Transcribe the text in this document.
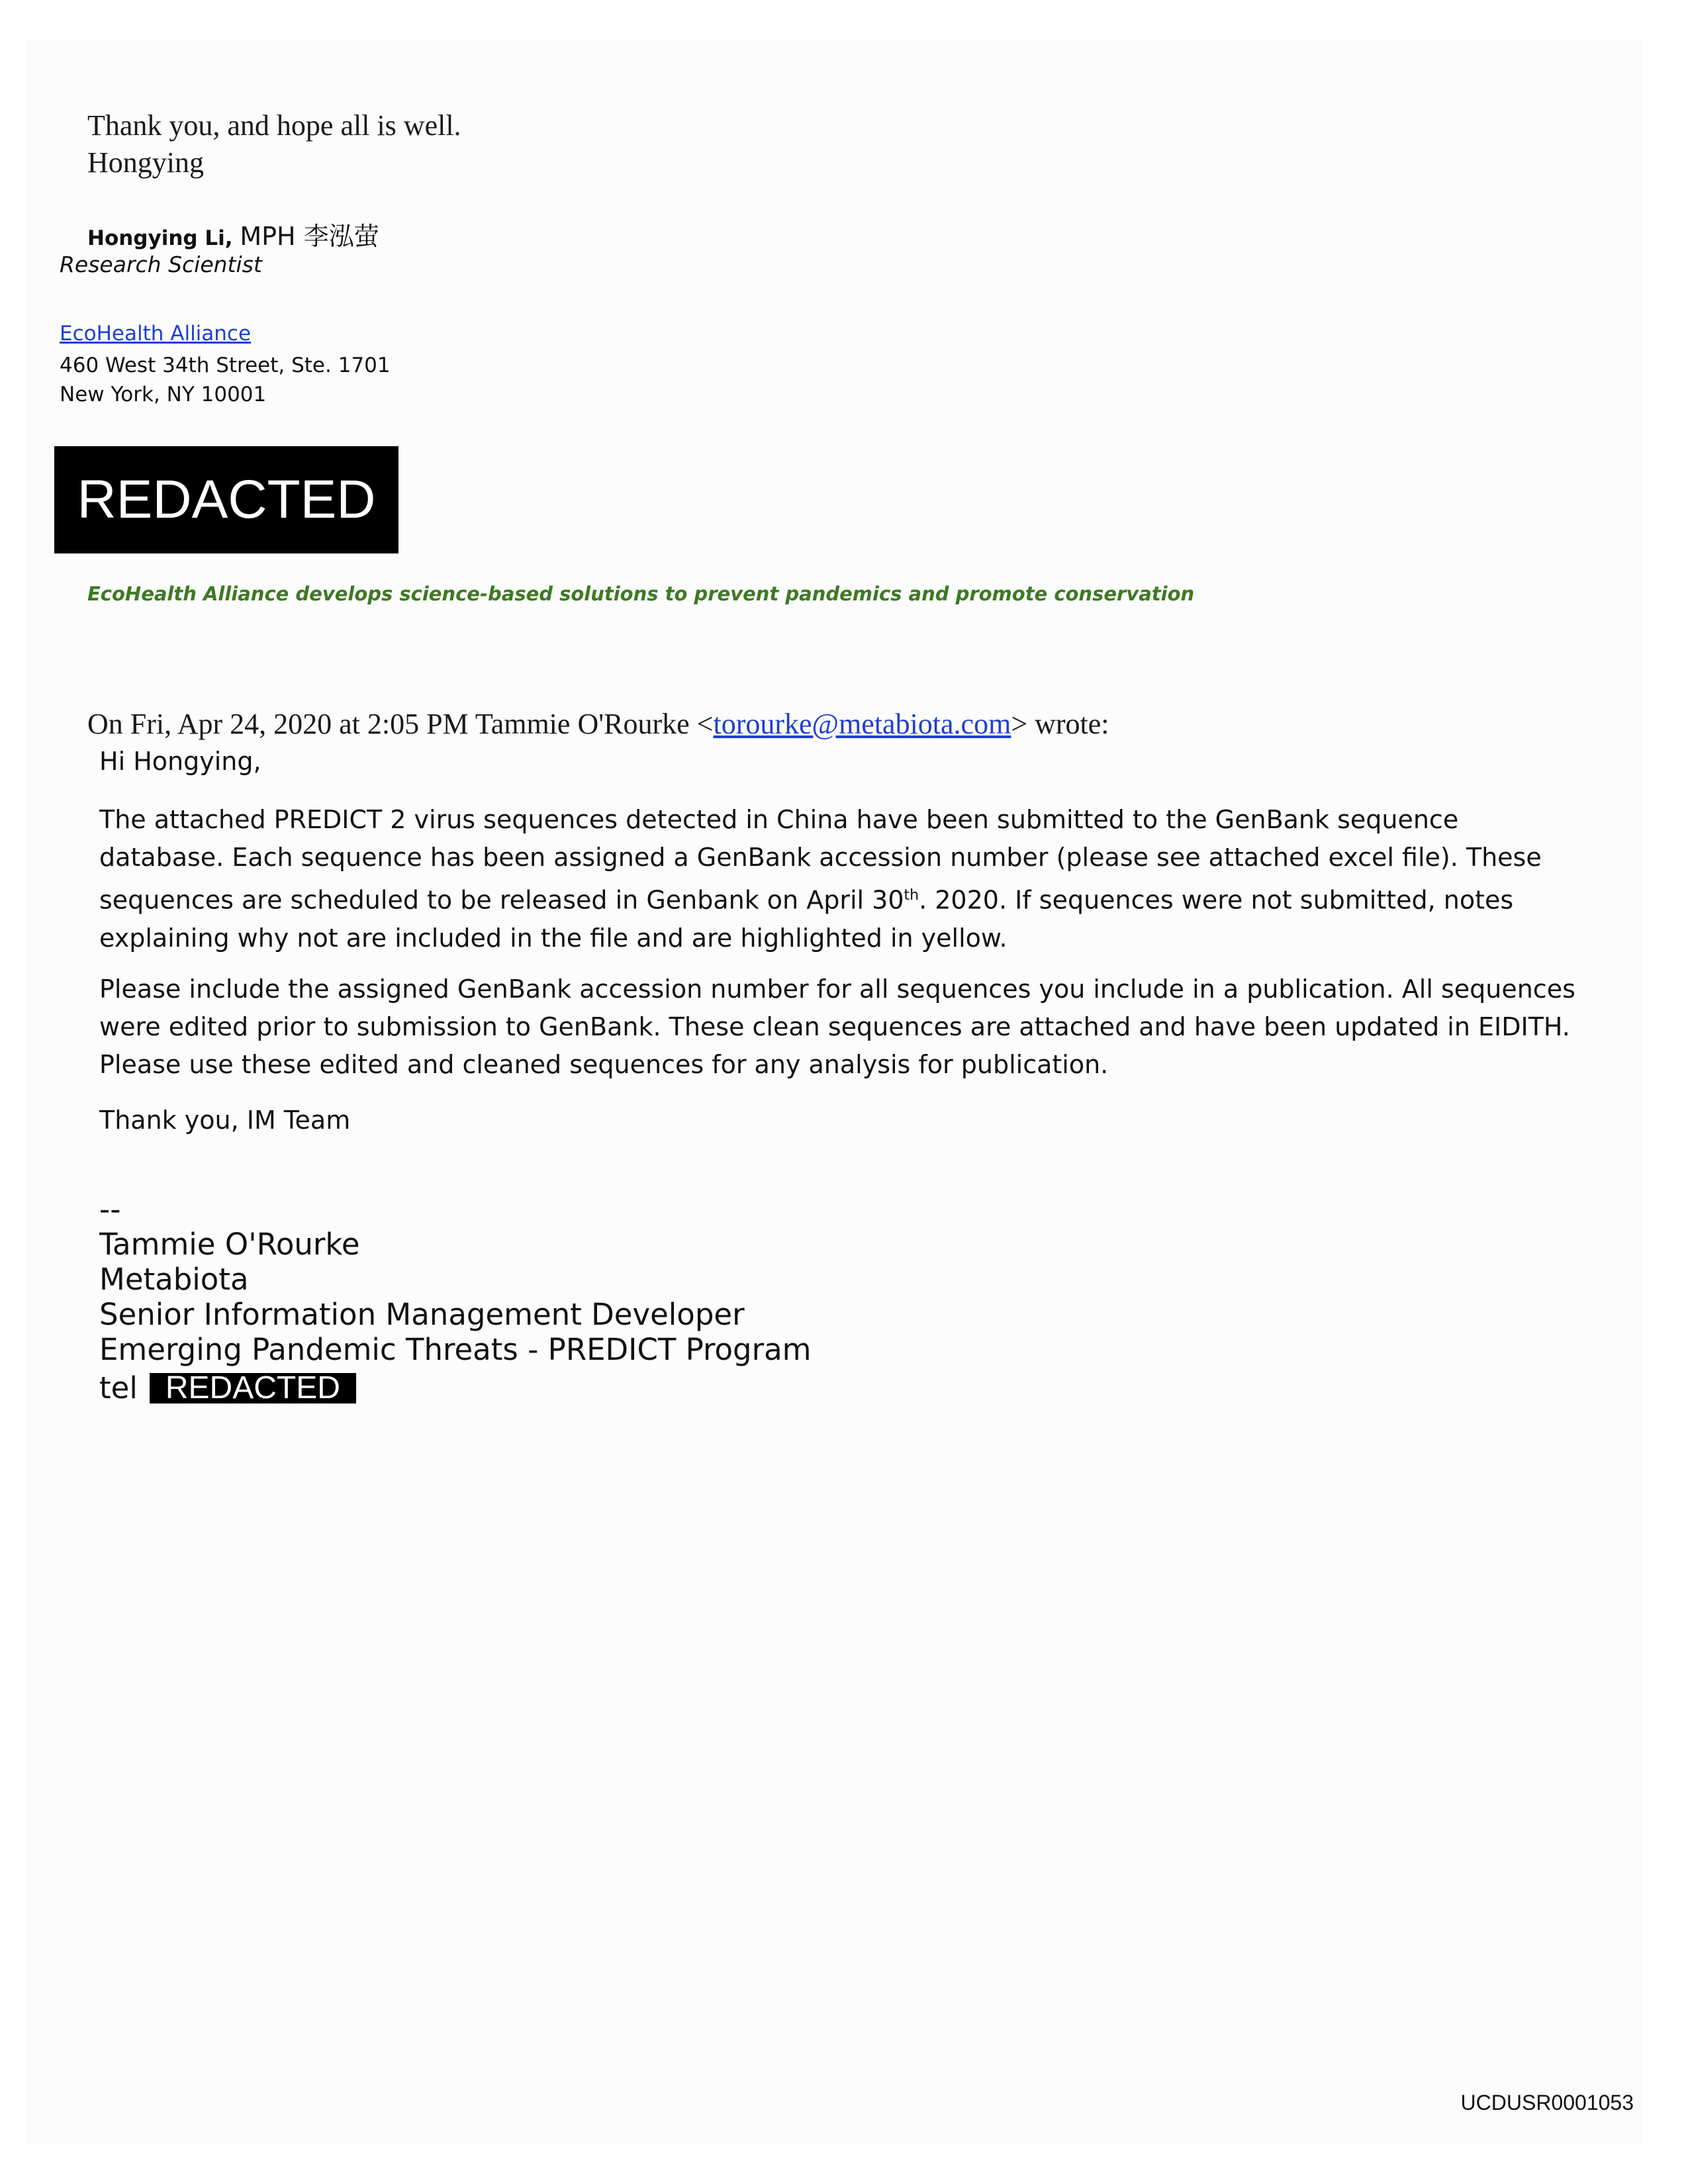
Thank you, and hope all is well.
Hongying
Hongying Li, MPH 李泓萤
Research Scientist
EcoHealth Alliance
460 West 34th Street, Ste. 1701
New York, NY 10001
REDACTED
EcoHealth Alliance develops science-based solutions to prevent pandemics and promote conservation
On Fri, Apr 24, 2020 at 2:05 PM Tammie O'Rourke <torourke@metabiota.com> wrote:
Hi Hongying,
The attached PREDICT 2 virus sequences detected in China have been submitted to the GenBank sequence database. Each sequence has been assigned a GenBank accession number (please see attached excel file). These sequences are scheduled to be released in Genbank on April 30th. 2020. If sequences were not submitted, notes explaining why not are included in the file and are highlighted in yellow.
Please include the assigned GenBank accession number for all sequences you include in a publication. All sequences were edited prior to submission to GenBank. These clean sequences are attached and have been updated in EIDITH. Please use these edited and cleaned sequences for any analysis for publication.
Thank you, IM Team
--
Tammie O'Rourke
Metabiota
Senior Information Management Developer
Emerging Pandemic Threats - PREDICT Program
tel REDACTED
UCDUSR0001053
